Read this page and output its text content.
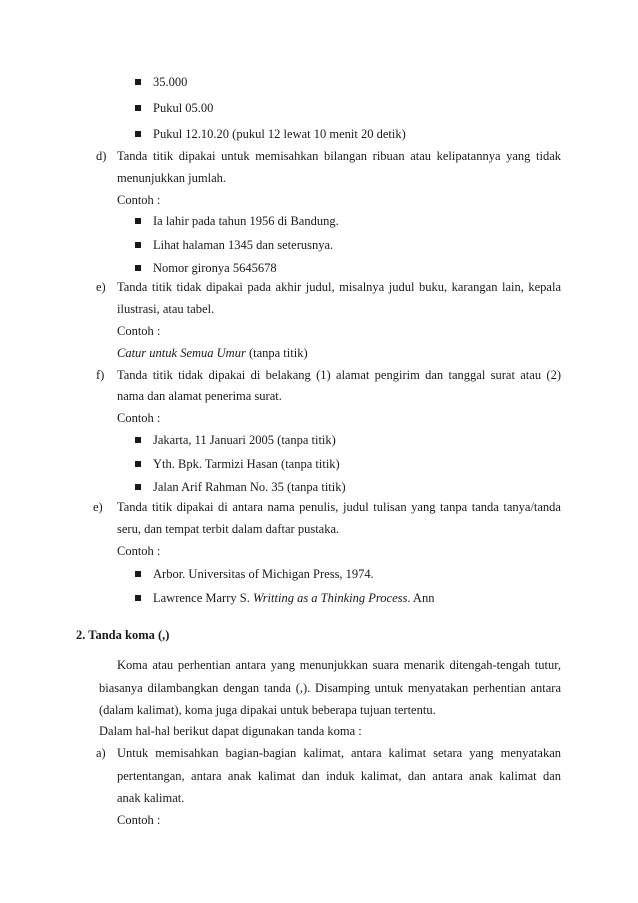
35.000
Pukul 05.00
Pukul 12.10.20 (pukul 12 lewat 10 menit 20 detik)
d) Tanda titik dipakai untuk memisahkan bilangan ribuan atau kelipatannya yang tidak
menunjukkan jumlah.
Contoh :
Ia lahir pada tahun 1956 di Bandung.
Lihat halaman 1345 dan seterusnya.
Nomor gironya 5645678
e) Tanda titik tidak dipakai pada akhir judul, misalnya judul buku, karangan lain, kepala
ilustrasi, atau tabel.
Contoh :
Catur untuk Semua Umur (tanpa titik)
f) Tanda titik tidak dipakai di belakang (1) alamat pengirim dan tanggal surat atau (2)
nama dan alamat penerima surat.
Contoh :
Jakarta, 11 Januari 2005 (tanpa titik)
Yth. Bpk. Tarmizi Hasan (tanpa titik)
Jalan Arif Rahman No. 35 (tanpa titik)
e) Tanda titik dipakai di antara nama penulis, judul tulisan yang tanpa tanda tanya/tanda
seru, dan tempat terbit dalam daftar pustaka.
Contoh :
Arbor. Universitas of Michigan Press, 1974.
Lawrence Marry S. Writting as a Thinking Process. Ann
2. Tanda koma (,)
Koma atau perhentian antara yang menunjukkan suara menarik ditengah-tengah tutur,
biasanya dilambangkan dengan tanda (,). Disamping untuk menyatakan perhentian antara
(dalam kalimat), koma juga dipakai untuk beberapa tujuan tertentu.
Dalam hal-hal berikut dapat digunakan tanda koma :
a) Untuk memisahkan bagian-bagian kalimat, antara kalimat setara yang menyatakan
pertentangan, antara anak kalimat dan induk kalimat, dan antara anak kalimat dan
anak kalimat.
Contoh :
